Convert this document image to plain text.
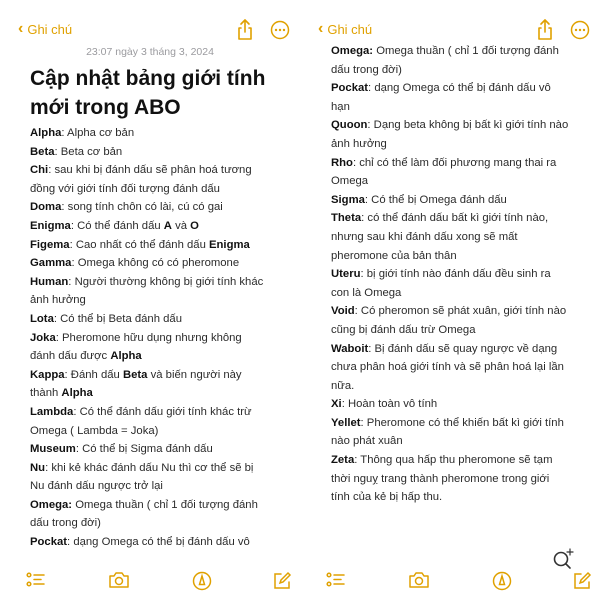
‹ Ghi chú
23:07 ngày 3 tháng 3, 2024
Cập nhật bảng giới tính mới trong ABO
Alpha: Alpha cơ bản
Beta: Beta cơ bản
Chi: sau khi bị đánh dấu sẽ phân hoá tương
đồng với giới tính đối tượng đánh dấu
Doma: song tính chôn có lài, cú có gai
Enigma: Có thể đánh dấu A và O
Figema: Cao nhất có thể đánh dấu Enigma
Gamma: Omega không có có pheromone
Human: Người thường không bị giới tính khác
ảnh hưởng
Lota: Có thể bị Beta đánh dấu
Joka: Pheromone hữu dụng nhưng không
đánh dấu được Alpha
Kappa: Đánh dấu Beta và biến người này
thành Alpha
Lambda: Có thể đánh dấu giới tính khác trừ
Omega ( Lambda = Joka)
Museum: Có thể bị Sigma đánh dấu
Nu: khi kẻ khác đánh dấu Nu thì cơ thể sẽ bị
Nu đánh dấu ngược trở lại
Omega: Omega thuần ( chỉ 1 đối tượng đánh
dấu trong đời)
Pockat: dạng Omega có thể bị đánh dấu vô
‹ Ghi chú
Omega: Omega thuần ( chỉ 1 đối tượng đánh
dấu trong đời)
Pockat: dạng Omega có thể bị đánh dấu vô
hạn
Quoon: Dạng beta không bị bất kì giới tính nào
ảnh hưởng
Rho: chỉ có thể làm đối phương mang thai ra
Omega
Sigma: Có thể bị Omega đánh dấu
Theta: có thể đánh dấu bất kì giới tính nào,
nhưng sau khi đánh dấu xong sẽ mất
pheromone của bản thân
Uteru: bị giới tính nào đánh dấu đều sinh ra
con là Omega
Void: Có pheromon sẽ phát xuân, giới tính nào
cũng bị đánh dấu trừ Omega
Waboit: Bị đánh dấu sẽ quay ngược về dạng
chưa phân hoá giới tính và sẽ phân hoá lại lần
nữa.
Xi: Hoàn toàn vô tính
Yellet: Pheromone có thể khiến bất kì giới tính
nào phát xuân
Zeta: Thông qua hấp thu pheromone sẽ tạm
thời nguỵ trang thành pheromone trong giới
tính của kẻ bị hấp thu.
